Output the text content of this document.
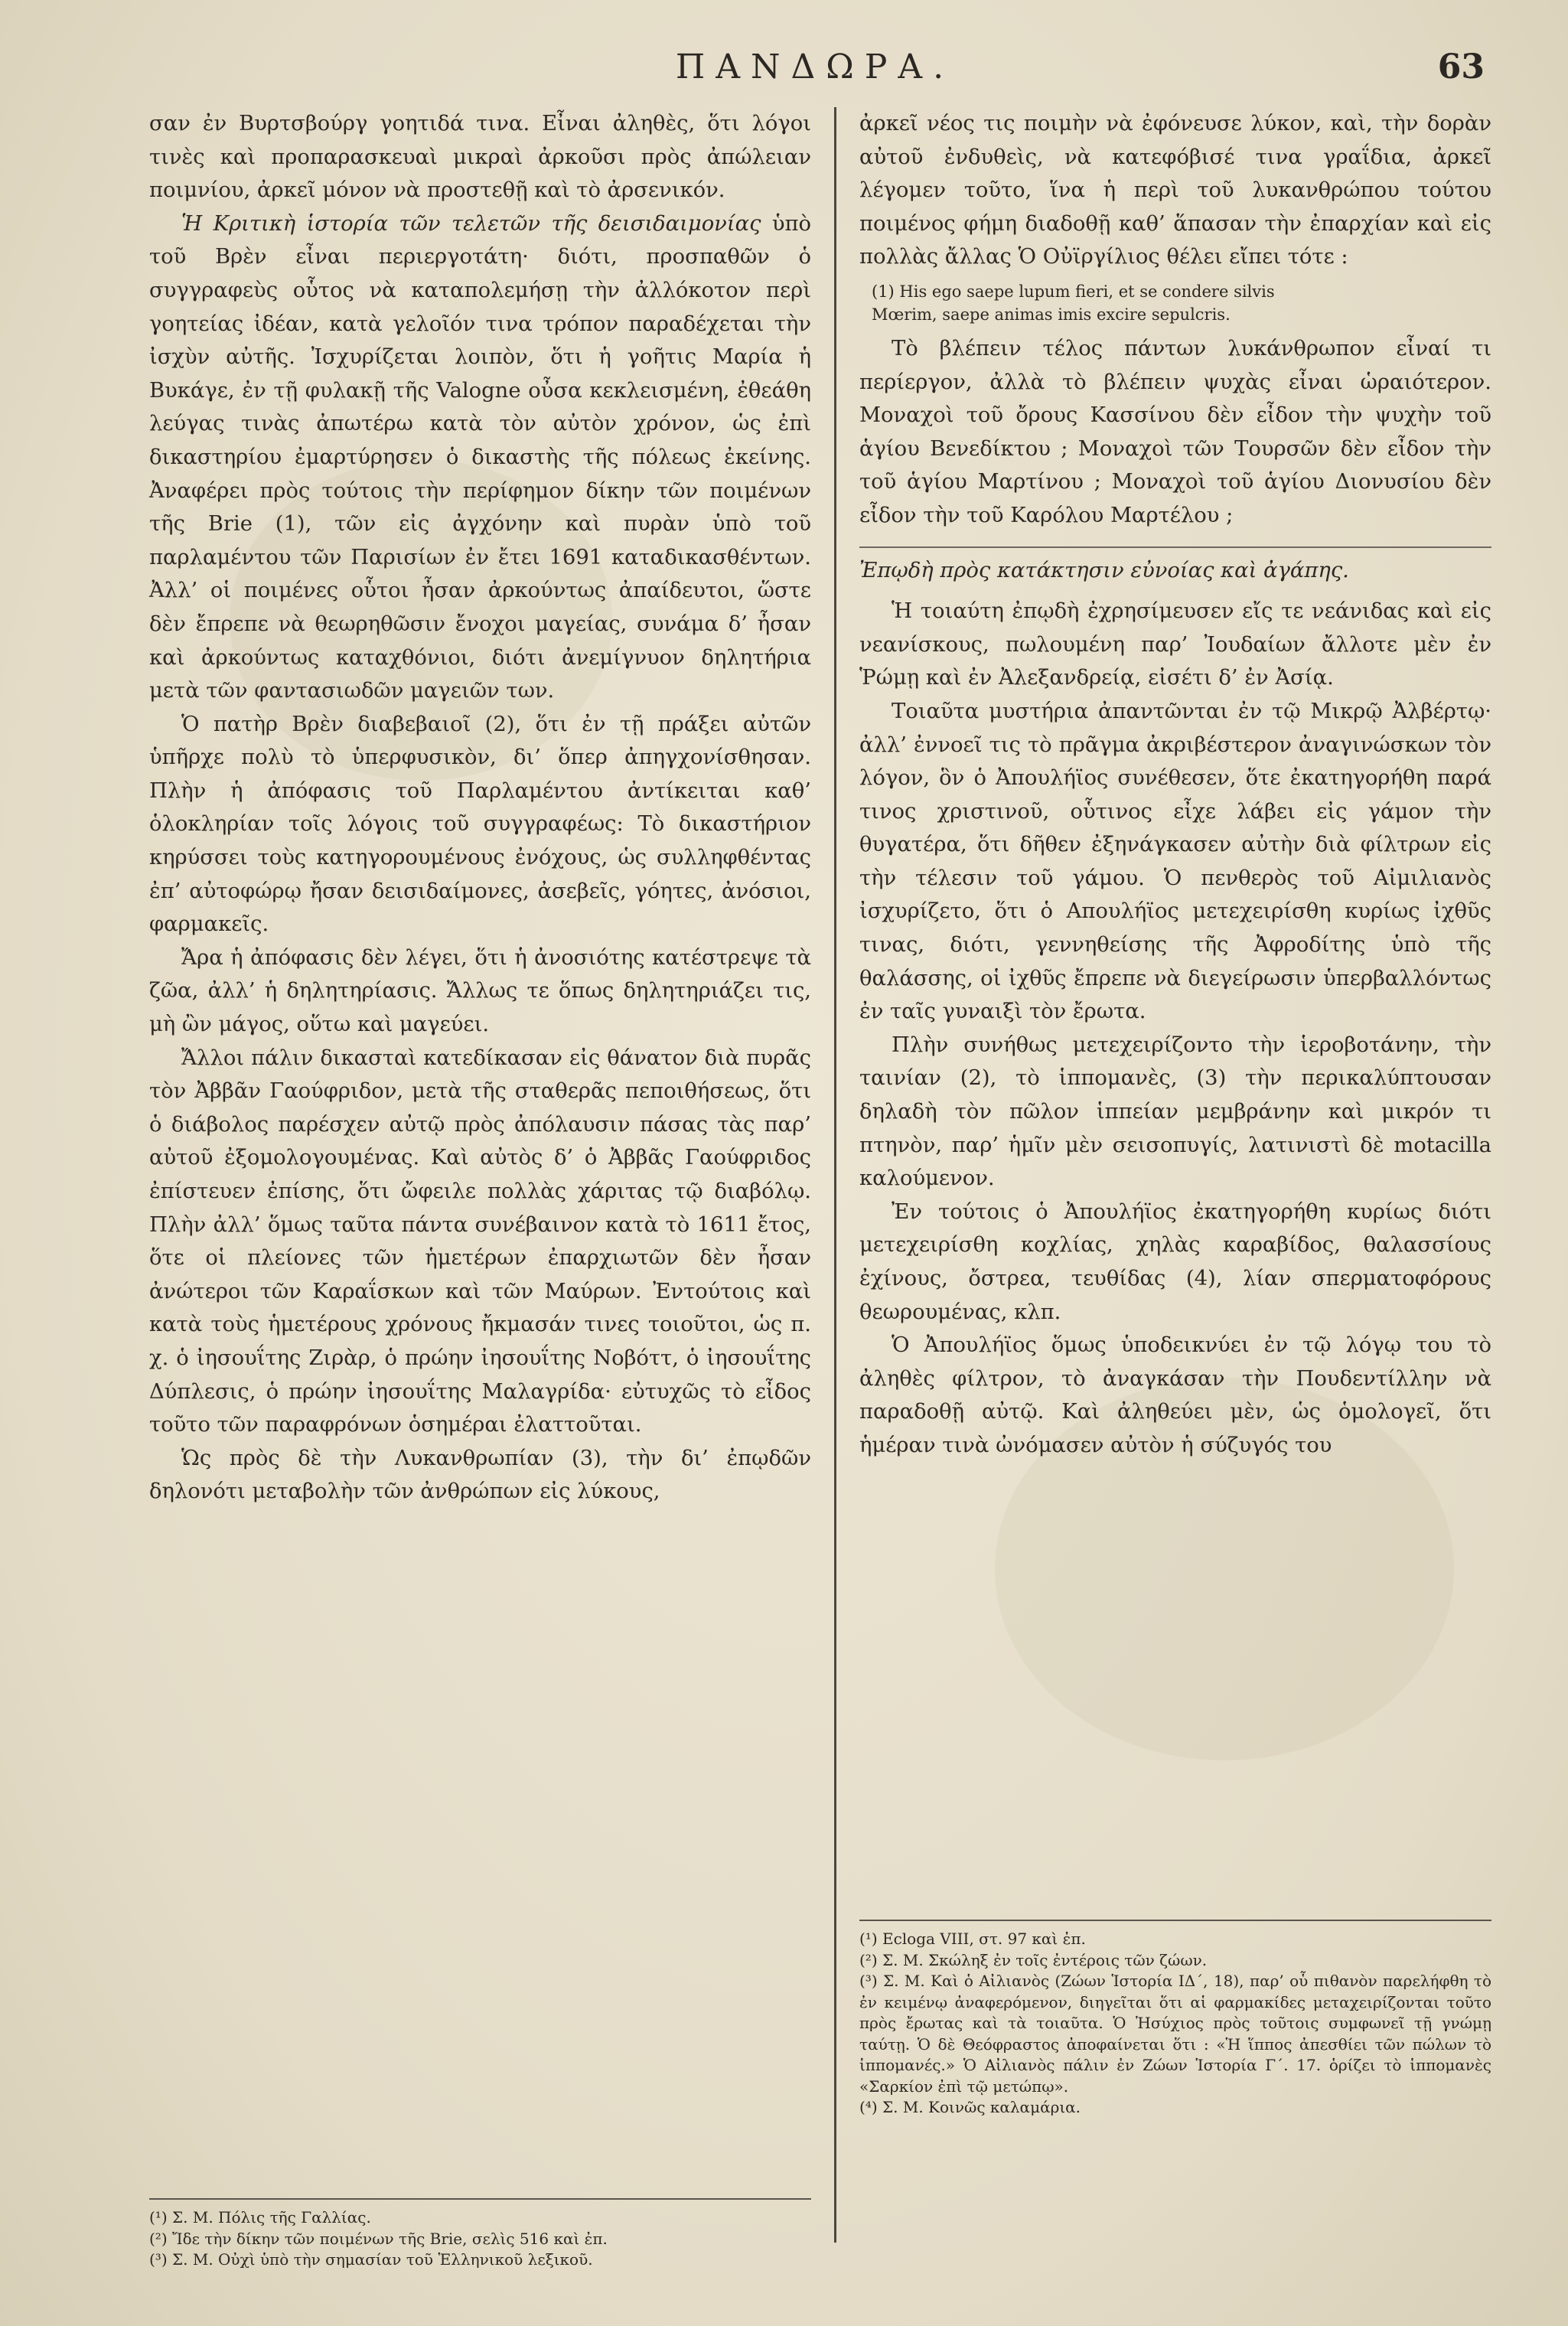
ΠΑΝΔΩΡΑ.	63

σαν ἐν Βυρτσβούργ γοητιδά τινα. Εἶναι ἀληθὲς, ὅτι λόγοι τινὲς καὶ προπαρασκευαὶ μικραὶ ἀρκοῦσι πρὸς ἀπώλειαν ποιμνίου, ἀρκεῖ μόνον νὰ προστεθῇ καὶ τὸ ἀρσενικόν.

Ἡ Κριτικὴ ἱστορία τῶν τελετῶν τῆς δεισιδαιμονίας ὑπὸ τοῦ Βρὲν εἶναι περιεργοτάτη· διότι, προσπαθῶν ὁ συγγραφεὺς οὗτος νὰ καταπολεμήσῃ τὴν ἀλλόκοτον περὶ γοητείας ἰδέαν, κατὰ γελοῖόν τινα τρόπον παραδέχεται τὴν ἰσχὺν αὐτῆς. Ἰσχυρίζεται λοιπὸν, ὅτι ἡ γοῆτις Μαρία ἡ Βυκάγε, ἐν τῇ φυλακῇ τῆς Valogne οὖσα κεκλεισμένη, ἐθεάθη λεύγας τινὰς ἀπωτέρω κατὰ τὸν αὐτὸν χρόνον, ὡς ἐπὶ δικαστηρίου ἐμαρτύρησεν ὁ δικαστὴς τῆς πόλεως ἐκείνης. Ἀναφέρει πρὸς τούτοις τὴν περίφημον δίκην τῶν ποιμένων τῆς Brie (1), τῶν εἰς ἀγχόνην καὶ πυρὰν ὑπὸ τοῦ παρλαμέντου τῶν Παρισίων ἐν ἔτει 1691 καταδικασθέντων. Ἀλλ’ οἱ ποιμένες οὗτοι ἦσαν ἀρκούντως ἀπαίδευτοι, ὥστε δὲν ἔπρεπε νὰ θεωρηθῶσιν ἔνοχοι μαγείας, συνάμα δ’ ἦσαν καὶ ἀρκούντως καταχθόνιοι, διότι ἀνεμίγνυον δηλητήρια μετὰ τῶν φαντασιωδῶν μαγειῶν των.

Ὁ πατὴρ Βρὲν διαβεβαιοῖ (2), ὅτι ἐν τῇ πράξει αὐτῶν ὑπῆρχε πολὺ τὸ ὑπερφυσικὸν, δι’ ὅπερ ἀπηγχονίσθησαν. Πλὴν ἡ ἀπόφασις τοῦ Παρλαμέντου ἀντίκειται καθ’ ὁλοκληρίαν τοῖς λόγοις τοῦ συγγραφέως: Τὸ δικαστήριον κηρύσσει τοὺς κατηγορουμένους ἐνόχους, ὡς συλληφθέντας ἐπ’ αὐτοφώρῳ ἤσαν δεισιδαίμονες, ἀσεβεῖς, γόητες, ἀνόσιοι, φαρμακεῖς.

Ἄρα ἡ ἀπόφασις δὲν λέγει, ὅτι ἡ ἀνοσιότης κατέστρεψε τὰ ζῶα, ἀλλ’ ἡ δηλητηρίασις. Ἄλλως τε ὅπως δηλητηριάζει τις, μὴ ὢν μάγος, οὕτω καὶ μαγεύει.

Ἄλλοι πάλιν δικασταὶ κατεδίκασαν εἰς θάνατον διὰ πυρᾶς τὸν Ἀββᾶν Γαούφριδον, μετὰ τῆς σταθερᾶς πεποιθήσεως, ὅτι ὁ διάβολος παρέσχεν αὐτῷ πρὸς ἀπόλαυσιν πάσας τὰς παρ’ αὐτοῦ ἐξομολογουμένας. Καὶ αὐτὸς δ’ ὁ Ἀββᾶς Γαούφριδος ἐπίστευεν ἐπίσης, ὅτι ὤφειλε πολλὰς χάριτας τῷ διαβόλῳ. Πλὴν ἀλλ’ ὅμως ταῦτα πάντα συνέβαινον κατὰ τὸ 1611 ἔτος, ὅτε οἱ πλείονες τῶν ἡμετέρων ἐπαρχιωτῶν δὲν ἦσαν ἀνώτεροι τῶν Καραΐσκων καὶ τῶν Μαύρων. Ἐντούτοις καὶ κατὰ τοὺς ἡμετέρους χρόνους ἤκμασάν τινες τοιοῦτοι, ὡς π. χ. ὁ ἰησουΐτης Ζιρὰρ, ὁ πρώην ἰησουΐτης Νοβόττ, ὁ ἰησουΐτης Δύπλεσις, ὁ πρώην ἰησουΐτης Μαλαγρίδα· εὐτυχῶς τὸ εἶδος τοῦτο τῶν παραφρόνων ὁσημέραι ἐλαττοῦται.

Ὡς πρὸς δὲ τὴν Λυκανθρωπίαν (3), τὴν δι’ ἐπῳδῶν δηλονότι μεταβολὴν τῶν ἀνθρώπων εἰς λύκους,

ἀρκεῖ νέος τις ποιμὴν νὰ ἐφόνευσε λύκον, καὶ, τὴν δορὰν αὐτοῦ ἐνδυθεὶς, νὰ κατεφόβισέ τινα γραΐδια, ἀρκεῖ λέγομεν τοῦτο, ἵνα ἡ περὶ τοῦ λυκανθρώπου τούτου ποιμένος φήμη διαδοθῇ καθ’ ἅπασαν τὴν ἐπαρχίαν καὶ εἰς πολλὰς ἄλλας Ὁ Οὐϊργίλιος θέλει εἴπει τότε :

(1) His ego saepe lupum fieri, et se condere silvis

Mœrim, saepe animas imis excire sepulcris.

Τὸ βλέπειν τέλος πάντων λυκάνθρωπον εἶναί τι περίεργον, ἀλλὰ τὸ βλέπειν ψυχὰς εἶναι ὡραιότερον. Μοναχοὶ τοῦ ὄρους Κασσίνου δὲν εἶδον τὴν ψυχὴν τοῦ ἁγίου Βενεδίκτου ; Μοναχοὶ τῶν Τουρσῶν δὲν εἶδον τὴν τοῦ ἁγίου Μαρτίνου ; Μοναχοὶ τοῦ ἁγίου Διονυσίου δὲν εἶδον τὴν τοῦ Καρόλου Μαρτέλου ;

Ἐπῳδὴ πρὸς κατάκτησιν εὐνοίας καὶ ἀγάπης.

Ἡ τοιαύτη ἐπῳδὴ ἐχρησίμευσεν εἴς τε νεάνιδας καὶ εἰς νεανίσκους, πωλουμένη παρ’ Ἰουδαίων ἄλλοτε μὲν ἐν Ῥώμῃ καὶ ἐν Ἀλεξανδρείᾳ, εἰσέτι δ’ ἐν Ἀσίᾳ.

Τοιαῦτα μυστήρια ἀπαντῶνται ἐν τῷ Μικρῷ Ἀλβέρτῳ· ἀλλ’ ἐννοεῖ τις τὸ πρᾶγμα ἀκριβέστερον ἀναγινώσκων τὸν λόγον, ὃν ὁ Ἀπουλήϊος συνέθεσεν, ὅτε ἐκατηγορήθη παρά τινος χριστινοῦ, οὗτινος εἶχε λάβει εἰς γάμον τὴν θυγατέρα, ὅτι δῆθεν ἐξηνάγκασεν αὐτὴν διὰ φίλτρων εἰς τὴν τέλεσιν τοῦ γάμου. Ὁ πενθερὸς τοῦ Αἰμιλιανὸς ἰσχυρίζετο, ὅτι ὁ Απουλήϊος μετεχειρίσθη κυρίως ἰχθῦς τινας, διότι, γεννηθείσης τῆς Ἀφροδίτης ὑπὸ τῆς θαλάσσης, οἱ ἰχθῦς ἔπρεπε νὰ διεγείρωσιν ὑπερβαλλόντως ἐν ταῖς γυναιξὶ τὸν ἔρωτα.

Πλὴν συνήθως μετεχειρίζοντο τὴν ἱεροβοτάνην, τὴν ταινίαν (2), τὸ ἱππομανὲς, (3) τὴν περικαλύπτουσαν δηλαδὴ τὸν πῶλον ἱππείαν μεμβράνην καὶ μικρόν τι πτηνὸν, παρ’ ἡμῖν μὲν σεισοπυγίς, λατινιστὶ δὲ motacilla καλούμενον.

Ἐν τούτοις ὁ Ἀπουλήϊος ἐκατηγορήθη κυρίως διότι μετεχειρίσθη κοχλίας, χηλὰς καραβίδος, θαλασσίους ἐχίνους, ὄστρεα, τευθίδας (4), λίαν σπερματοφόρους θεωρουμένας, κλπ.

Ὁ Ἀπουλήϊος ὅμως ὑποδεικνύει ἐν τῷ λόγῳ του τὸ ἀληθὲς φίλτρον, τὸ ἀναγκάσαν τὴν Πουδεντίλλην νὰ παραδοθῇ αὐτῷ. Καὶ ἀληθεύει μὲν, ὡς ὁμολογεῖ, ὅτι ἡμέραν τινὰ ὠνόμασεν αὐτὸν ἡ σύζυγός του

(¹) Σ. Μ. Πόλις τῆς Γαλλίας.

(²) Ἴδε τὴν δίκην τῶν ποιμένων τῆς Brie, σελὶς 516 καὶ ἐπ.

(³) Σ. Μ. Οὐχὶ ὑπὸ τὴν σημασίαν τοῦ Ἑλληνικοῦ λεξικοῦ.

(¹) Ecloga VIII, στ. 97 καὶ ἐπ.

(²) Σ. Μ. Σκώληξ ἐν τοῖς ἐντέροις τῶν ζώων.

(³) Σ. Μ. Καὶ ὁ Αἰλιανὸς (Ζώων Ἱστορία ΙΔ΄, 18), παρ’ οὗ πιθανὸν παρελήφθη τὸ ἐν κειμένῳ ἀναφερόμενον, διηγεῖται ὅτι αἱ φαρμακίδες μεταχειρίζονται τοῦτο πρὸς ἔρωτας καὶ τὰ τοιαῦτα. Ὁ Ἡσύχιος πρὸς τοῦτοις συμφωνεῖ τῇ γνώμῃ ταύτῃ. Ὁ δὲ Θεόφραστος ἀποφαίνεται ὅτι : «Ἡ ἵππος ἀπεσθίει τῶν πώλων τὸ ἱππομανές.» Ὁ Αἰλιανὸς πάλιν ἐν Ζώων Ἱστορία Γ΄. 17. ὁρίζει τὸ ἱππομανὲς «Σαρκίον ἐπὶ τῷ μετώπῳ».

(⁴) Σ. Μ. Κοινῶς καλαμάρια.
